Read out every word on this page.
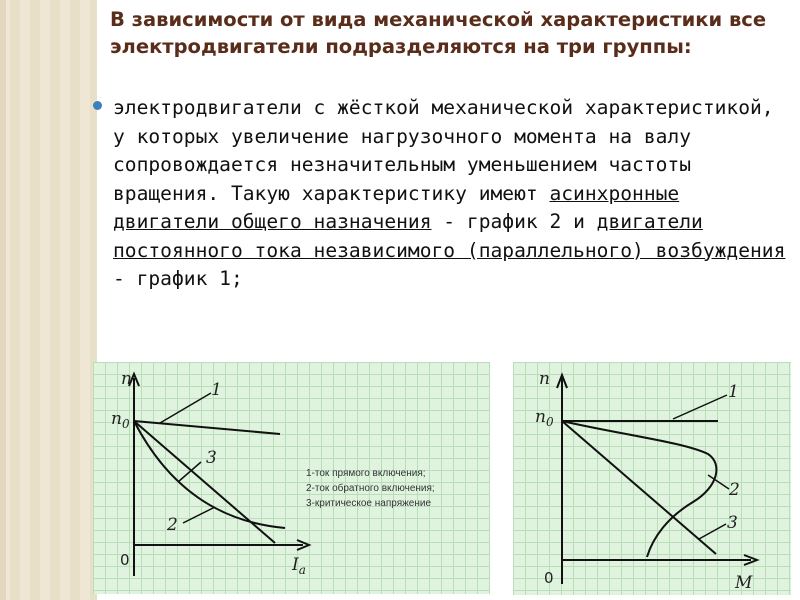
В зависимости от вида механической характеристики все электродвигатели подразделяются на три группы:

электродвигатели с жёсткой механической характеристикой, у которых увеличение нагрузочного момента на валу сопровождается незначительным уменьшением частоты вращения. Такую характеристику имеют асинхронные двигатели общего назначения - график 2 и двигатели постоянного тока независимого (параллельного) возбуждения - график 1;

n
$n_0$
0	$I_a$
1
3
2
1-ток прямого включения;
2-ток обратного включения;
3-критическое напряжение
n
$n_0$
0	M
1
2
3
